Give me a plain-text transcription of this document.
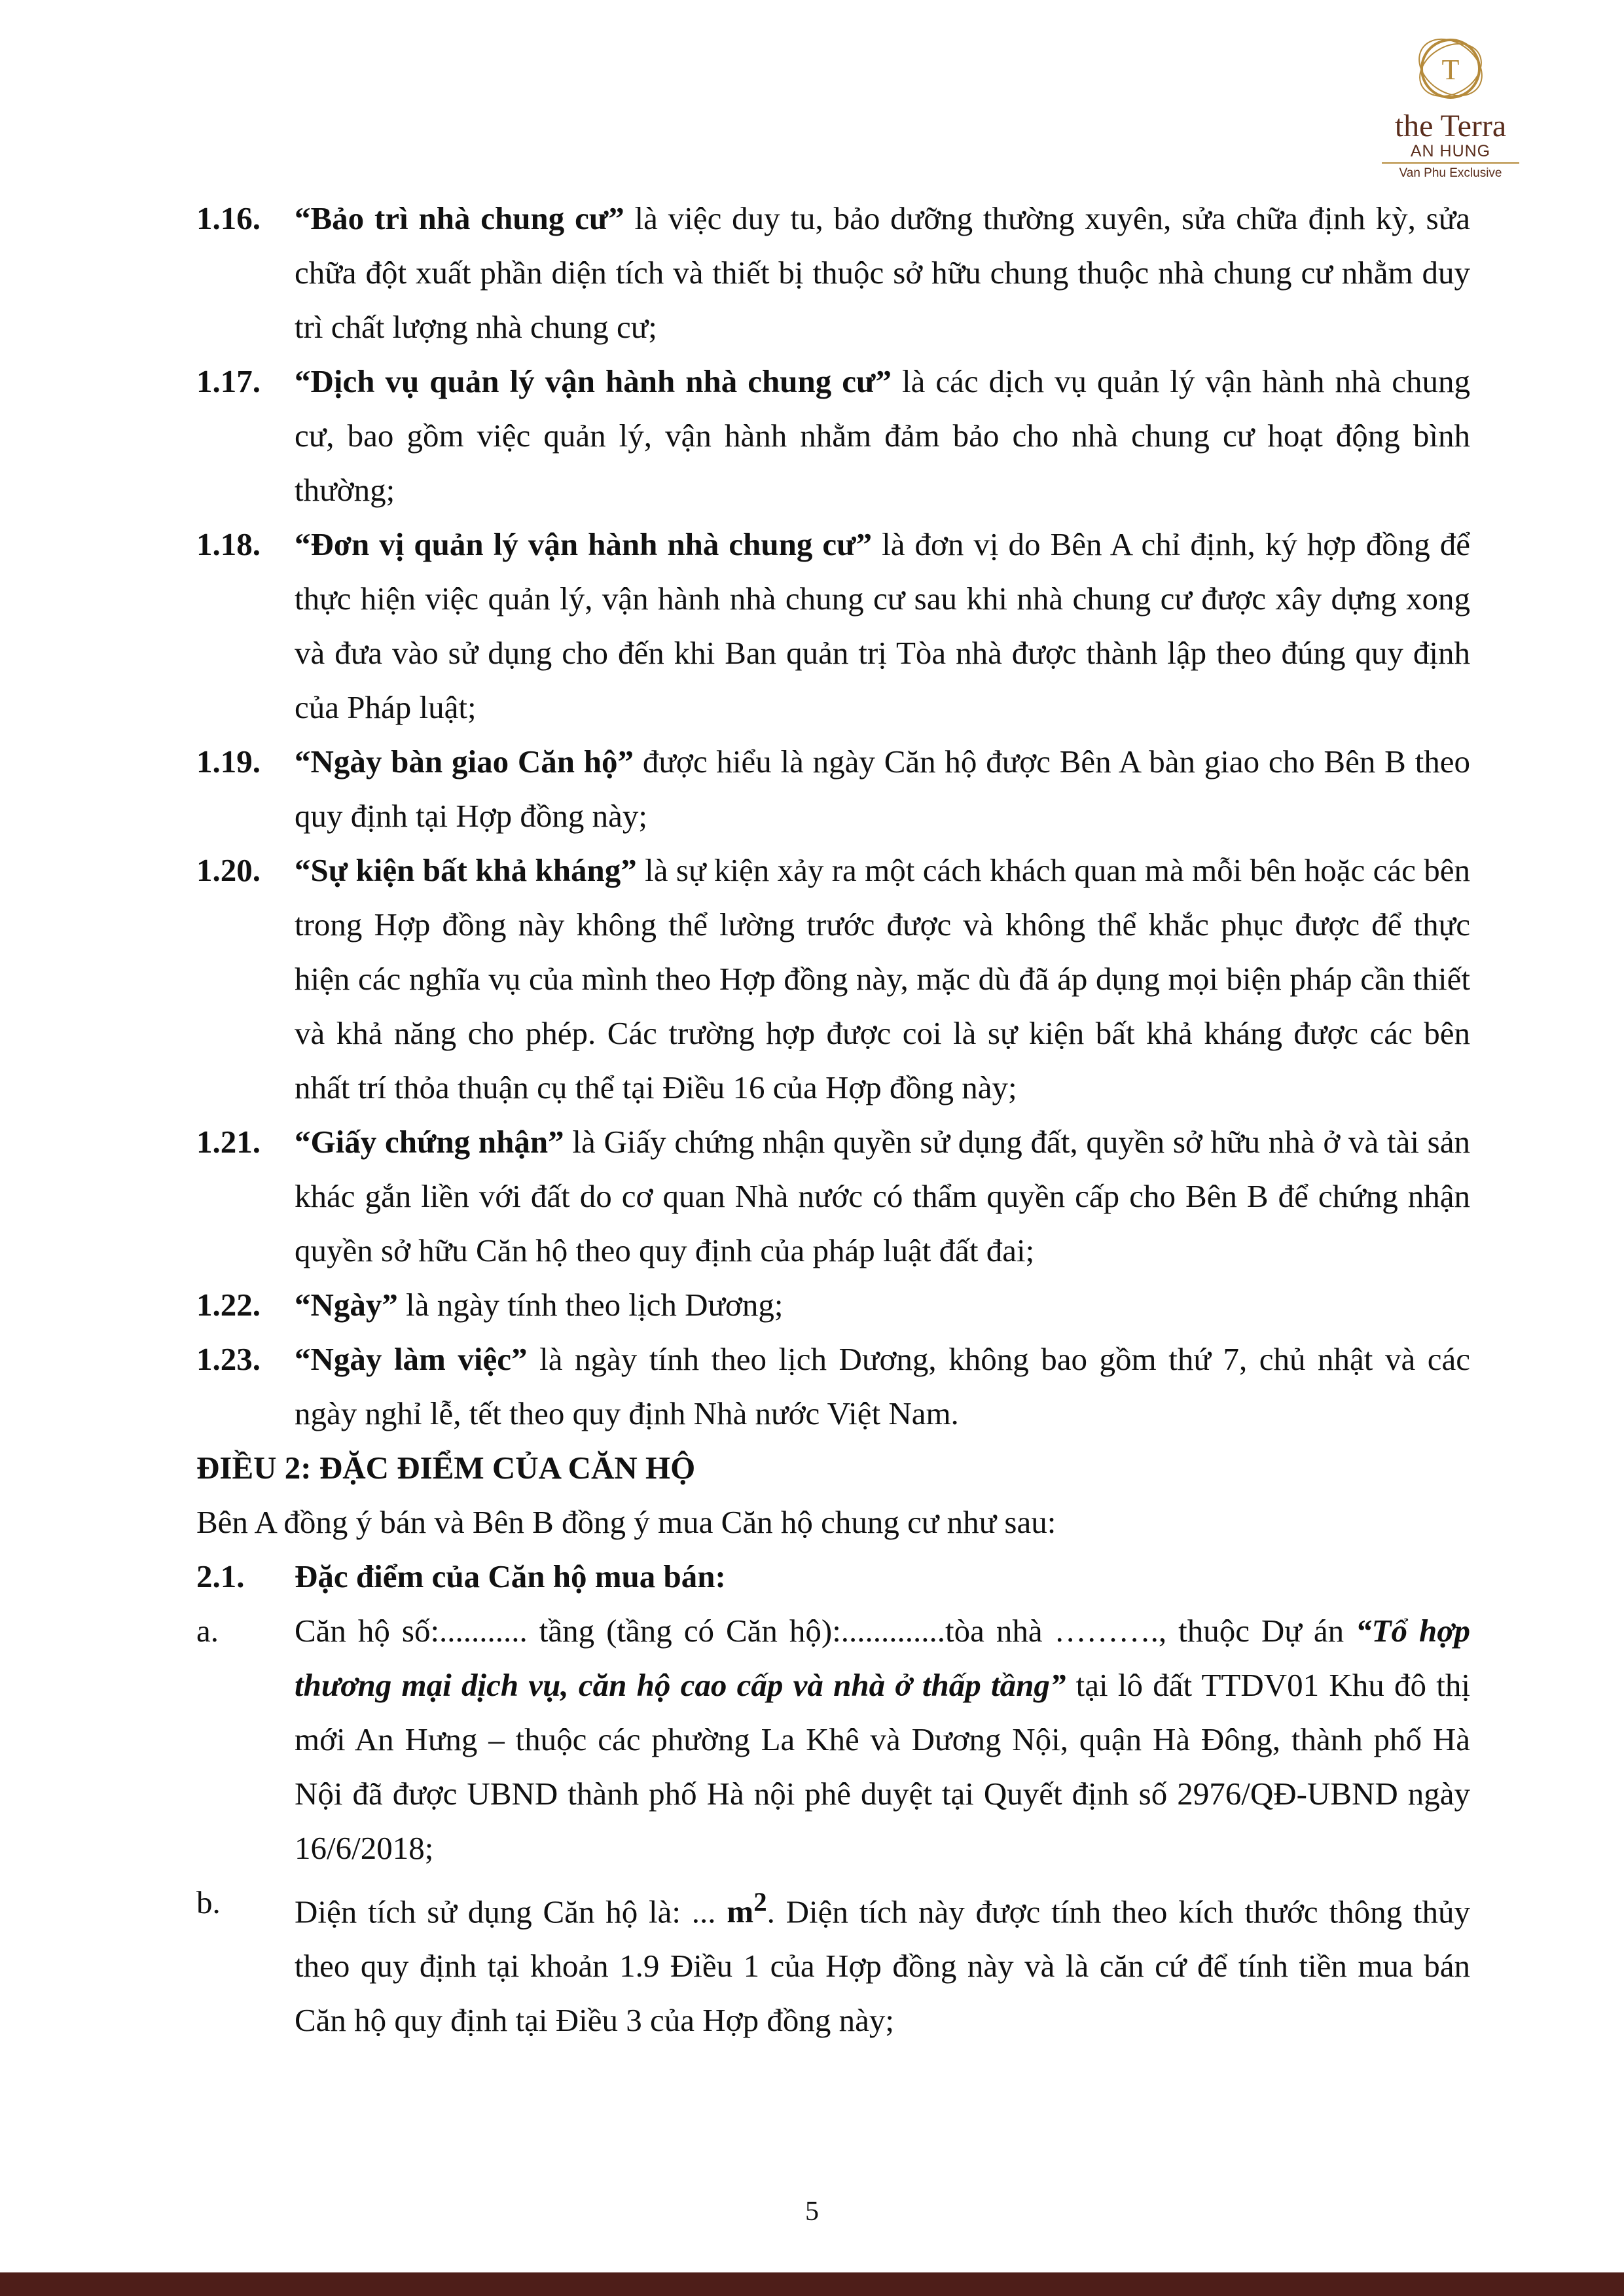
T
the Terra
AN HUNG
Van Phu Exclusive
1.16.	“Bảo trì nhà chung cư” là việc duy tu, bảo dưỡng thường xuyên, sửa chữa định kỳ, sửa chữa đột xuất phần diện tích và thiết bị thuộc sở hữu chung thuộc nhà chung cư nhằm duy trì chất lượng nhà chung cư;
1.17.	“Dịch vụ quản lý vận hành nhà chung cư” là các dịch vụ quản lý vận hành nhà chung cư, bao gồm việc quản lý, vận hành nhằm đảm bảo cho nhà chung cư hoạt động bình thường;
1.18.	“Đơn vị quản lý vận hành nhà chung cư” là đơn vị do Bên A chỉ định, ký hợp đồng để thực hiện việc quản lý, vận hành nhà chung cư sau khi nhà chung cư được xây dựng xong và đưa vào sử dụng cho đến khi Ban quản trị Tòa nhà được thành lập theo đúng quy định của Pháp luật;
1.19.	“Ngày bàn giao Căn hộ” được hiểu là ngày Căn hộ được Bên A bàn giao cho Bên B theo quy định tại Hợp đồng này;
1.20.	“Sự kiện bất khả kháng” là sự kiện xảy ra một cách khách quan mà mỗi bên hoặc các bên trong Hợp đồng này không thể lường trước được và không thể khắc phục được để thực hiện các nghĩa vụ của mình theo Hợp đồng này, mặc dù đã áp dụng mọi biện pháp cần thiết và khả năng cho phép. Các trường hợp được coi là sự kiện bất khả kháng được các bên nhất trí thỏa thuận cụ thể tại Điều 16 của Hợp đồng này;
1.21.	“Giấy chứng nhận” là Giấy chứng nhận quyền sử dụng đất, quyền sở hữu nhà ở và tài sản khác gắn liền với đất do cơ quan Nhà nước có thẩm quyền cấp cho Bên B để chứng nhận quyền sở hữu Căn hộ theo quy định của pháp luật đất đai;
1.22.	“Ngày” là ngày tính theo lịch Dương;
1.23.	“Ngày làm việc” là ngày tính theo lịch Dương, không bao gồm thứ 7, chủ nhật và các ngày nghỉ lễ, tết theo quy định Nhà nước Việt Nam.
ĐIỀU 2: ĐẶC ĐIỂM CỦA CĂN HỘ
Bên A đồng ý bán và Bên B đồng ý mua Căn hộ chung cư như sau:
2.1.	Đặc điểm của Căn hộ mua bán:
a.	Căn hộ số:........... tầng (tầng có Căn hộ):.............tòa nhà ………., thuộc Dự án “Tổ hợp thương mại dịch vụ, căn hộ cao cấp và nhà ở thấp tầng” tại lô đất TTDV01 Khu đô thị mới An Hưng – thuộc các phường La Khê và Dương Nội, quận Hà Đông, thành phố Hà Nội đã được UBND thành phố Hà nội phê duyệt tại Quyết định số 2976/QĐ-UBND ngày 16/6/2018;
b.	Diện tích sử dụng Căn hộ là: ... $m^2$. Diện tích này được tính theo kích thước thông thủy theo quy định tại khoản 1.9 Điều 1 của Hợp đồng này và là căn cứ để tính tiền mua bán Căn hộ quy định tại Điều 3 của Hợp đồng này;
5
